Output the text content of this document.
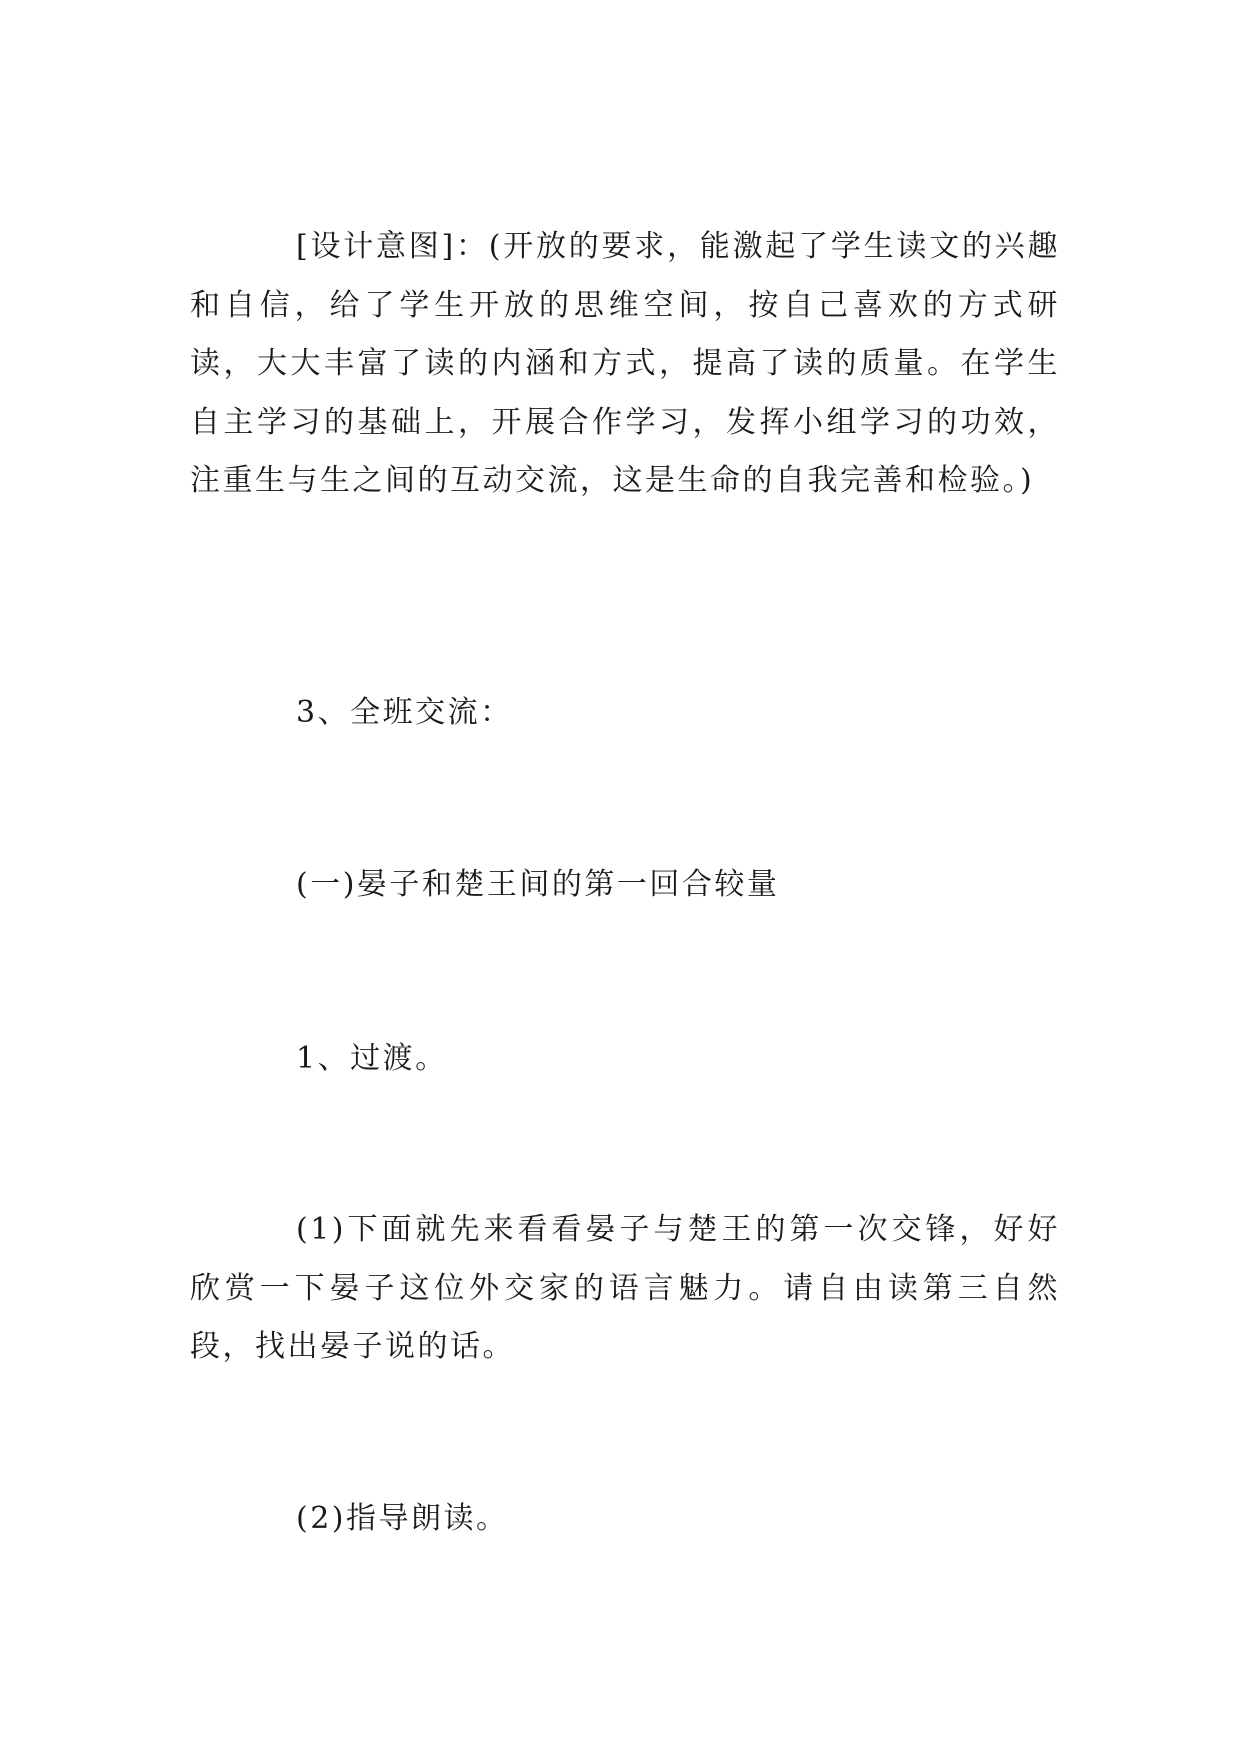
[设计意图]：(开放的要求，能激起了学生读文的兴趣和自信，给了学生开放的思维空间，按自己喜欢的方式研读，大大丰富了读的内涵和方式，提高了读的质量。在学生自主学习的基础上，开展合作学习，发挥小组学习的功效，注重生与生之间的互动交流，这是生命的自我完善和检验。)

3、全班交流：

(一)晏子和楚王间的第一回合较量

1、过渡。

(1)下面就先来看看晏子与楚王的第一次交锋，好好欣赏一下晏子这位外交家的语言魅力。请自由读第三自然段，找出晏子说的话。

(2)指导朗读。
